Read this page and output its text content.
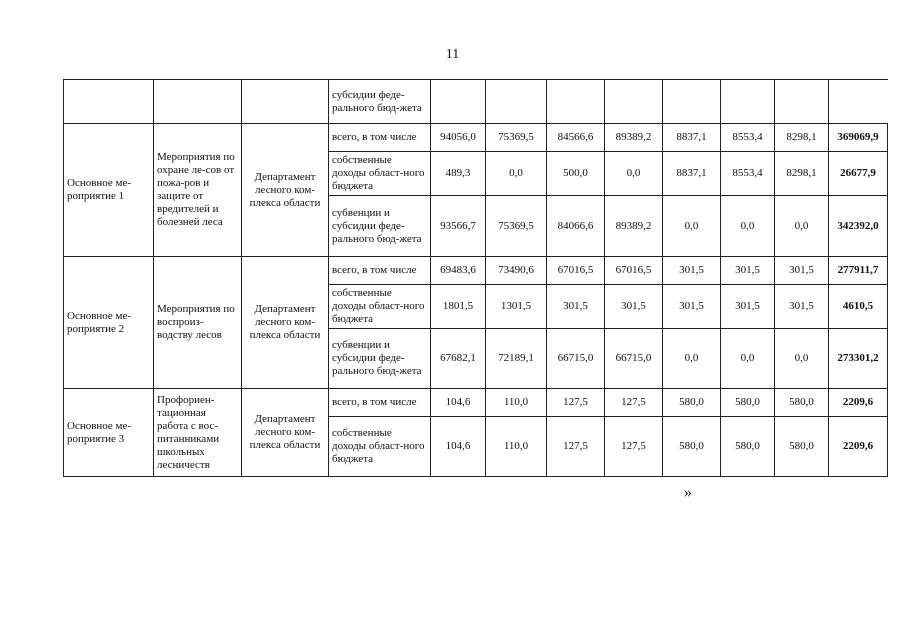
11
			субсидии феде-ральногo бюд-жета								
Основное ме-роприятие 1	Мероприятия по охране ле-сов от пожа-ров и защите от вредителей и болезней леса	Департамент лесного ком-плекса области	всего, в том числе	94056,0	75369,5	84566,6	89389,2	8837,1	8553,4	8298,1	369069,9
			собственные доходы област-ного бюджета	489,3	0,0	500,0	0,0	8837,1	8553,4	8298,1	26677,9
			субвенции и субсидии феде-рального бюд-жета	93566,7	75369,5	84066,6	89389,2	0,0	0,0	0,0	342392,0
Основное ме-роприятие 2	Мероприятия по воспроиз-водству лесов	Департамент лесного ком-плекса области	всего, в том числе	69483,6	73490,6	67016,5	67016,5	301,5	301,5	301,5	277911,7
			собственные доходы област-ного бюджета	1801,5	1301,5	301,5	301,5	301,5	301,5	301,5	4610,5
			субвенции и субсидии феде-рального бюд-жета	67682,1	72189,1	66715,0	66715,0	0,0	0,0	0,0	273301,2
Основное ме-роприятие 3	Профориен-тационная работа с вос-питанниками школьных лесничеств	Департамент лесного ком-плекса области	всего, в том числе	104,6	110,0	127,5	127,5	580,0	580,0	580,0	2209,6
			собственные доходы област-ного бюджета	104,6	110,0	127,5	127,5	580,0	580,0	580,0	2209,6
»
